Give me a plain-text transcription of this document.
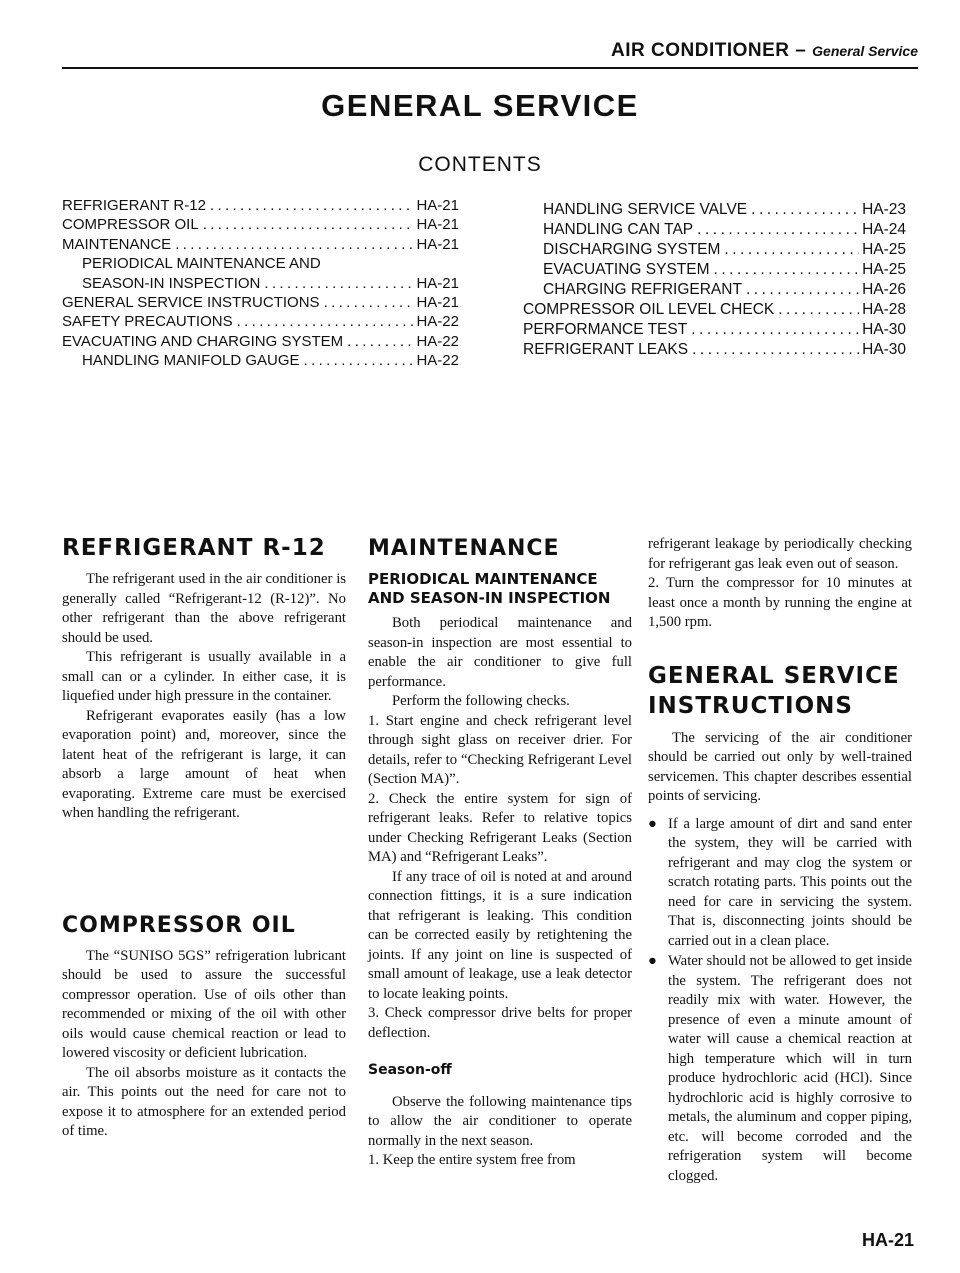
AIR CONDITIONER – General Service
GENERAL SERVICE
CONTENTS
REFRIGERANT R-12 . . .	HA-21
COMPRESSOR OIL . . .	HA-21
MAINTENANCE . . .	HA-21
PERIODICAL MAINTENANCE AND
SEASON-IN INSPECTION . . .	HA-21
GENERAL SERVICE INSTRUCTIONS . . .	HA-21
SAFETY PRECAUTIONS . . .	HA-22
EVACUATING AND CHARGING SYSTEM . . .	HA-22
HANDLING MANIFOLD GAUGE . . .	HA-22
HANDLING SERVICE VALVE . . .	HA-23
HANDLING CAN TAP . . .	HA-24
DISCHARGING SYSTEM . . .	HA-25
EVACUATING SYSTEM . . .	HA-25
CHARGING REFRIGERANT . . .	HA-26
COMPRESSOR OIL LEVEL CHECK . . .	HA-28
PERFORMANCE TEST . . .	HA-30
REFRIGERANT LEAKS . . .	HA-30
REFRIGERANT R-12

The refrigerant used in the air conditioner is generally called “Refrigerant-12 (R-12)”. No other refrigerant than the above refrigerant should be used.

This refrigerant is usually available in a small can or a cylinder. In either case, it is liquefied under high pressure in the container.

Refrigerant evaporates easily (has a low evaporation point) and, moreover, since the latent heat of the refrigerant is large, it can absorb a large amount of heat when evaporating. Extreme care must be exercised when handling the refrigerant.

COMPRESSOR OIL

The “SUNISO 5GS” refrigeration lubricant should be used to assure the successful compressor operation. Use of oils other than recommended or mixing of the oil with other oils would cause chemical reaction or lead to lowered viscosity or deficient lubrication.

The oil absorbs moisture as it contacts the air. This points out the need for care not to expose it to atmosphere for an extended period of time.

MAINTENANCE
PERIODICAL MAINTENANCE AND SEASON-IN INSPECTION

Both periodical maintenance and season-in inspection are most essential to enable the air conditioner to give full performance.

Perform the following checks.

1. Start engine and check refrigerant level through sight glass on receiver drier. For details, refer to “Checking Refrigerant Level (Section MA)”.

2. Check the entire system for sign of refrigerant leaks. Refer to relative topics under Checking Refrigerant Leaks (Section MA) and “Refrigerant Leaks”.

If any trace of oil is noted at and around connection fittings, it is a sure indication that refrigerant is leaking. This condition can be corrected easily by retightening the joints. If any joint on line is suspected of small amount of leakage, use a leak detector to locate leaking points.

3. Check compressor drive belts for proper deflection.

Season-off

Observe the following maintenance tips to allow the air conditioner to operate normally in the next season.

1. Keep the entire system free from

refrigerant leakage by periodically checking for refrigerant gas leak even out of season.

2. Turn the compressor for 10 minutes at least once a month by running the engine at 1,500 rpm.

GENERAL SERVICE INSTRUCTIONS

The servicing of the air conditioner should be carried out only by well-trained servicemen. This chapter describes essential points of servicing.

● If a large amount of dirt and sand enter the system, they will be carried with refrigerant and may clog the system or scratch rotating parts. This points out the need for care in servicing the system. That is, disconnecting joints should be carried out in a clean place.
● Water should not be allowed to get inside the system. The refrigerant does not readily mix with water. However, the presence of even a minute amount of water will cause a chemical reaction at high temperature which will in turn produce hydrochloric acid (HCl). Since hydrochloric acid is highly corrosive to metals, the aluminum and copper piping, etc. will become corroded and the refrigeration system will become clogged.
HA-21
